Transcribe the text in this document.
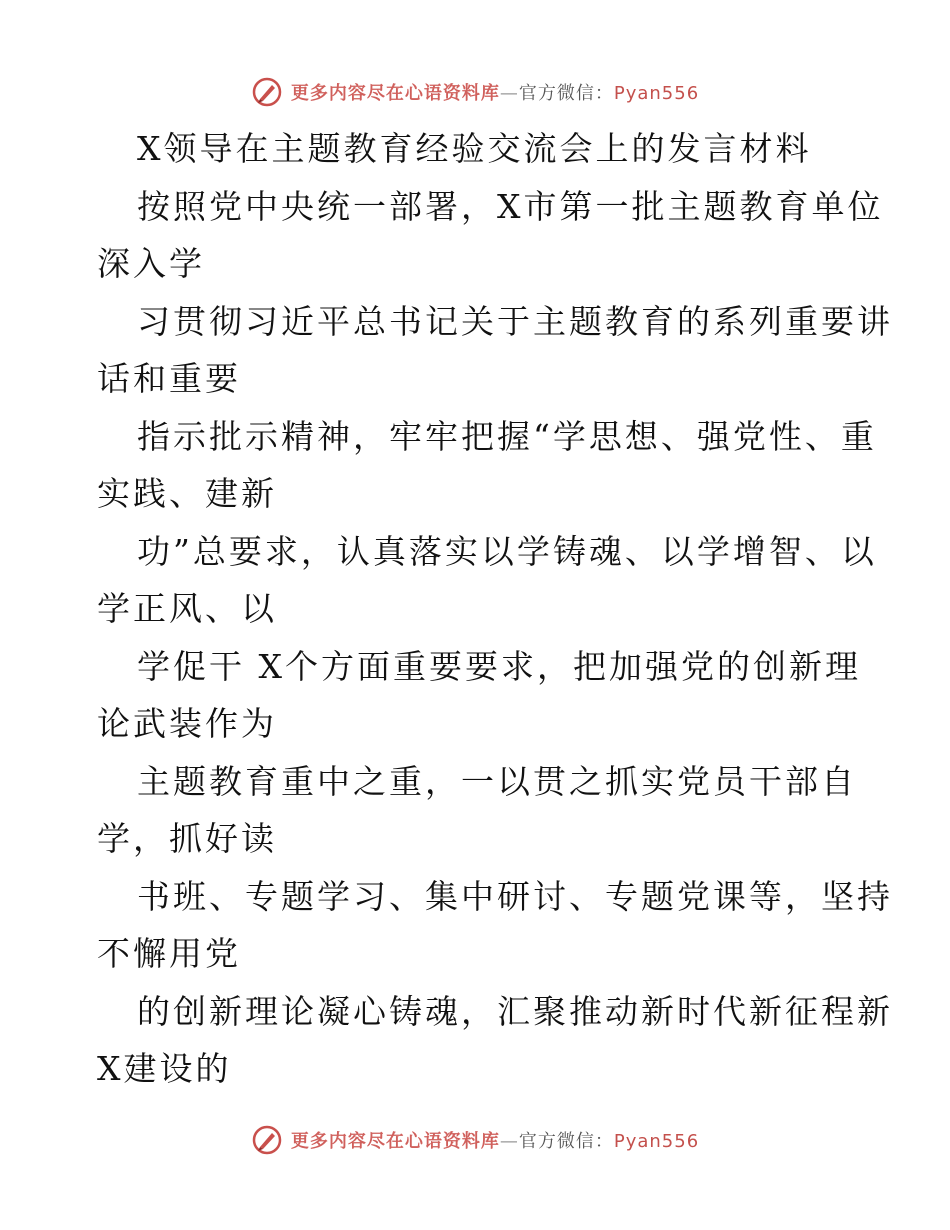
更多内容尽在心语资料库—官方微信：Pyan556

X领导在主题教育经验交流会上的发言材料

按照党中央统一部署，X市第一批主题教育单位

深入学

习贯彻习近平总书记关于主题教育的系列重要讲

话和重要

指示批示精神，牢牢把握“学思想、强党性、重

实践、建新

功”总要求，认真落实以学铸魂、以学增智、以

学正风、以

学促干 X个方面重要要求，把加强党的创新理

论武装作为

主题教育重中之重，一以贯之抓实党员干部自

学，抓好读

书班、专题学习、集中研讨、专题党课等，坚持

不懈用党

的创新理论凝心铸魂，汇聚推动新时代新征程新

X建设的

更多内容尽在心语资料库—官方微信：Pyan556
